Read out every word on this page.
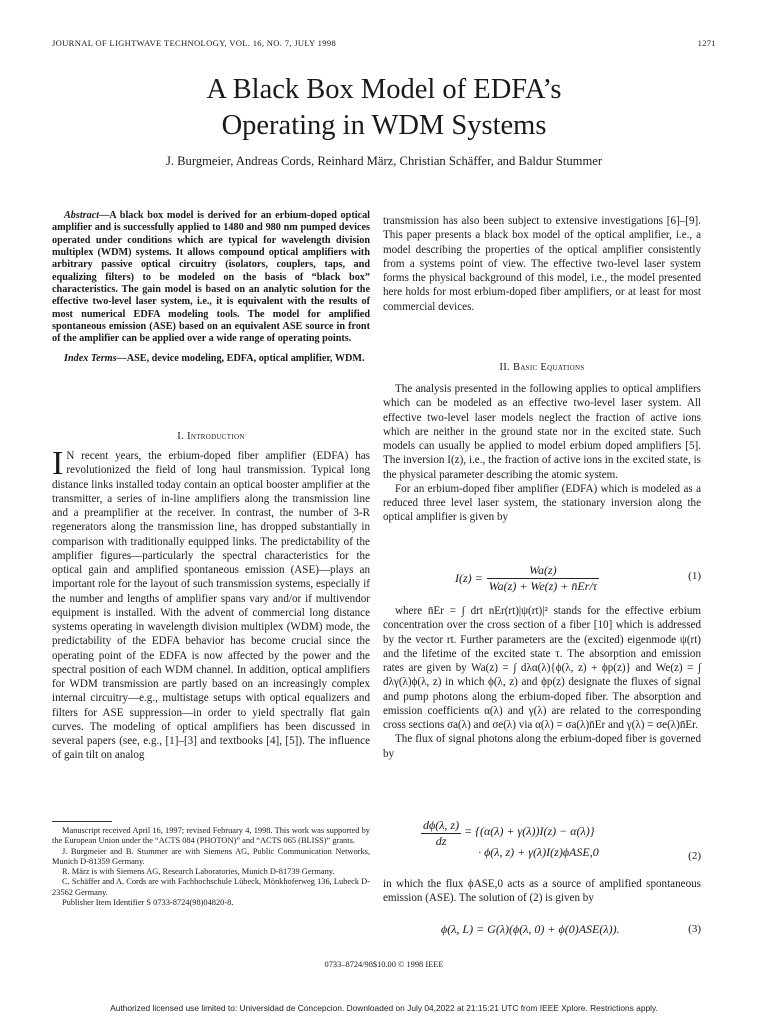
JOURNAL OF LIGHTWAVE TECHNOLOGY, VOL. 16, NO. 7, JULY 1998	1271
A Black Box Model of EDFA’s
Operating in WDM Systems
J. Burgmeier, Andreas Cords, Reinhard März, Christian Schäffer, and Baldur Stummer

Abstract—A black box model is derived for an erbium-doped optical amplifier and is successfully applied to 1480 and 980 nm pumped devices operated under conditions which are typical for wavelength division multiplex (WDM) systems. It allows compound optical amplifiers with arbitrary passive optical circuitry (isolators, couplers, taps, and equalizing filters) to be modeled on the basis of “black box” characteristics. The gain model is based on an analytic solution for the effective two-level laser system, i.e., it is equivalent with the results of most numerical EDFA modeling tools. The model for amplified spontaneous emission (ASE) based on an equivalent ASE source in front of the amplifier can be applied over a wide range of operating points.

Index Terms—ASE, device modeling, EDFA, optical amplifier, WDM.

I. Introduction

I N recent years, the erbium-doped fiber amplifier (EDFA) has revolutionized the field of long haul transmission. Typical long distance links installed today contain an optical booster amplifier at the transmitter, a series of in-line amplifiers along the transmission line and a preamplifier at the receiver. In contrast, the number of 3-R regenerators along the transmission line, has dropped substantially in comparison with traditionally equipped links. The predictability of the amplifier figures—particularly the spectral characteristics for the optical gain and amplified spontaneous emission (ASE)—plays an important role for the layout of such transmission systems, especially if the number and lengths of amplifier spans vary and/or if multivendor equipment is installed. With the advent of commercial long distance systems operating in wavelength division multiplex (WDM) mode, the predictability of the EDFA behavior has become crucial since the operating point of the EDFA is now affected by the power and the spectral position of each WDM channel. In addition, optical amplifiers for WDM transmission are partly based on an increasingly complex internal circuitry—e.g., multistage setups with optical equalizers and filters for ASE suppression—in order to yield spectrally flat gain curves. The modeling of optical amplifiers has been discussed in several papers (see, e.g., [1]–[3] and textbooks [4], [5]). The influence of gain tilt on analog

Manuscript received April 16, 1997; revised February 4, 1998. This work was supported by the European Union under the “ACTS 084 (PHOTON)” and “ACTS 065 (BLISS)” grants.

J. Burgmeier and B. Stummer are with Siemens AG, Public Communication Networks, Munich D-81359 Germany.

R. März is with Siemens AG, Research Laboratories, Munich D-81739 Germany.

C. Schäffer and A. Cords are with Fachhochschule Lübeck, Mönkhoferweg 136, Lubeck D-23562 Germany.

Publisher Item Identifier S 0733-8724(98)04820-8.

transmission has also been subject to extensive investigations [6]–[9]. This paper presents a black box model of the optical amplifier, i.e., a model describing the properties of the optical amplifier consistently from a systems point of view. The effective two-level laser system forms the physical background of this model, i.e., the model presented here holds for most erbium-doped fiber amplifiers, or at least for most commercial devices.
II. Basic Equations

The analysis presented in the following applies to optical amplifiers which can be modeled as an effective two-level laser system. All effective two-level laser models neglect the fraction of active ions which are neither in the ground state nor in the excited state. Such models can usually be applied to model erbium doped amplifiers [5]. The inversion I(z), i.e., the fraction of active ions in the excited state, is the physical parameter describing the atomic system.

For an erbium-doped fiber amplifier (EDFA) which is modeled as a reduced three level laser system, the stationary inversion along the optical amplifier is given by

$I(z) = \frac{Wa(z)}{Wa(z) + We(z) + n̄Er/\tau}$	(1)

where n̄Er = ∫ drt nEr(rt)|ψ(rt)|² stands for the effective erbium concentration over the cross section of a fiber [10] which is addressed by the vector rt. Further parameters are the (excited) eigenmode ψ(rt) and the lifetime of the excited state τ. The absorption and emission rates are given by Wa(z) = ∫ dλα(λ){ϕ(λ, z) + ϕp(z)} and We(z) = ∫ dλγ(λ)ϕ(λ, z) in which ϕ(λ, z) and ϕp(z) designate the fluxes of signal and pump photons along the erbium-doped fiber. The absorption and emission coefficients α(λ) and γ(λ) are related to the corresponding cross sections σa(λ) and σe(λ) via α(λ) = σa(λ)n̄Er and γ(λ) = σe(λ)n̄Er.

The flux of signal photons along the erbium-doped fiber is governed by

$\frac{d\phi(\lambda, z)}{dz} = \{(\alpha(\lambda) + \gamma(\lambda))I(z) - \alpha(\lambda)\}$
· ϕ(λ, z) + γ(λ)I(z)ϕASE,0	(2)

in which the flux ϕASE,0 acts as a source of amplified spontaneous emission (ASE). The solution of (2) is given by

ϕ(λ, L) = G(λ)(ϕ(λ, 0) + ϕ(0)ASE(λ)).	(3)
0733–8724/98$10.00 © 1998 IEEE
Authorized licensed use limited to: Universidad de Concepcion. Downloaded on July 04,2022 at 21:15:21 UTC from IEEE Xplore. Restrictions apply.
